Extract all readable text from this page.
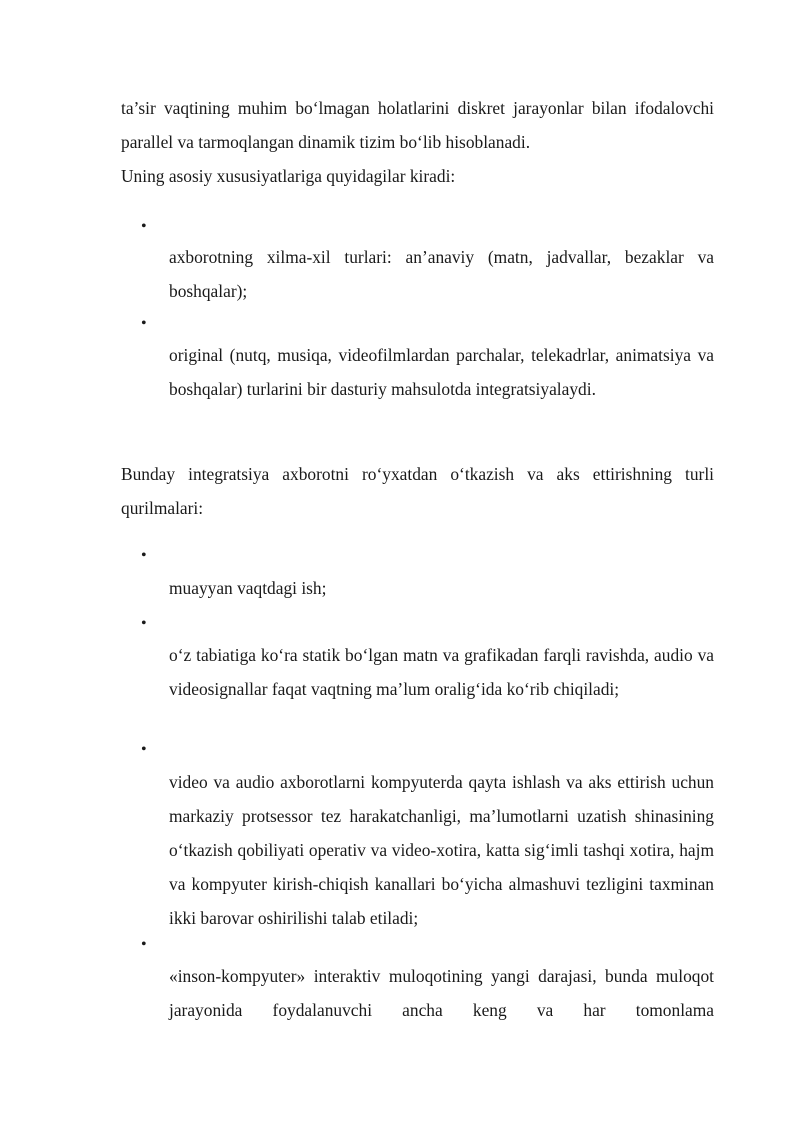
ta’sir vaqtining muhim bo‘lmagan holatlarini diskret jarayonlar bilan ifodalovchi parallel va tarmoqlangan dinamik tizim bo‘lib hisoblanadi.

Uning asosiy xususiyatlariga quyidagilar kiradi:

•

axborotning xilma-xil turlari: an’anaviy (matn, jadvallar, bezaklar va boshqalar);

•

original (nutq, musiqa, videofilmlardan parchalar, telekadrlar, animatsiya va boshqalar) turlarini bir dasturiy mahsulotda integratsiyalaydi.

Bunday integratsiya axborotni ro‘yxatdan o‘tkazish va aks ettirishning turli qurilmalari:

•

muayyan vaqtdagi ish;

•

o‘z tabiatiga ko‘ra statik bo‘lgan matn va grafikadan farqli ravishda, audio va videosignallar faqat vaqtning ma’lum oralig‘ida ko‘rib chiqiladi;

•

video va audio axborotlarni kompyuterda qayta ishlash va aks ettirish uchun markaziy protsessor tez harakatchanligi, ma’lumotlarni uzatish shinasining o‘tkazish qobiliyati operativ va video-xotira, katta sig‘imli tashqi xotira, hajm va kompyuter kirish-chiqish kanallari bo‘yicha almashuvi tezligini taxminan ikki barovar oshirilishi talab etiladi;

•

«inson-kompyuter» interaktiv muloqotining yangi darajasi, bunda muloqot jarayonida foydalanuvchi ancha keng va har tomonlama
